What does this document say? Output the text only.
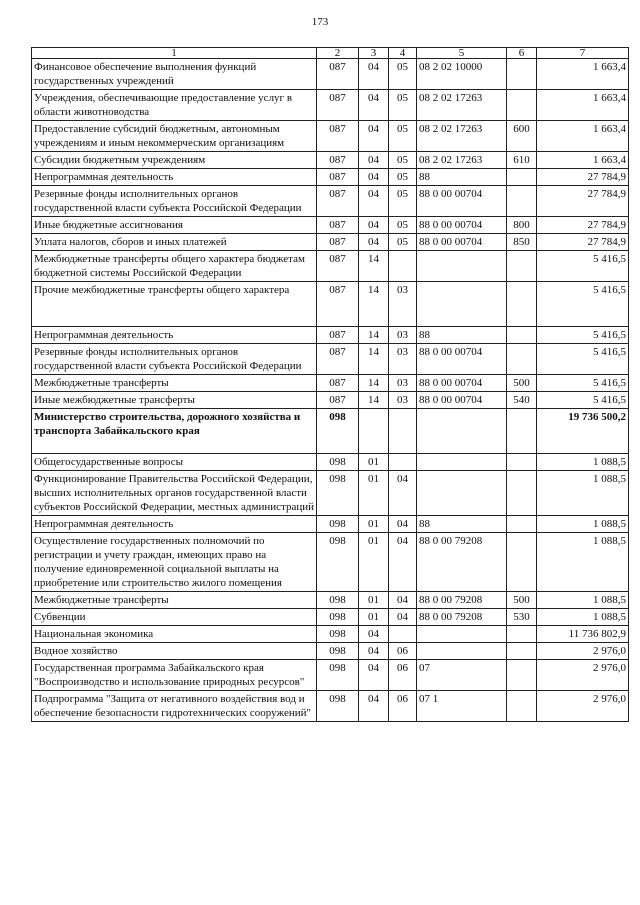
173
1	2	3	4	5	6	7
Финансовое обеспечение выполнения функций государственных учреждений	087	04	05	08 2 02 10000		1 663,4
Учреждения, обеспечивающие предоставление услуг в области животноводства	087	04	05	08 2 02 17263		1 663,4
Предоставление субсидий бюджетным, автономным учреждениям и иным некоммерческим организациям	087	04	05	08 2 02 17263	600	1 663,4
Субсидии бюджетным учреждениям	087	04	05	08 2 02 17263	610	1 663,4
Непрограммная деятельность	087	04	05	88		27 784,9
Резервные фонды исполнительных органов государственной власти субъекта Российской Федерации	087	04	05	88 0 00 00704		27 784,9
Иные бюджетные ассигнования	087	04	05	88 0 00 00704	800	27 784,9
Уплата налогов, сборов и иных платежей	087	04	05	88 0 00 00704	850	27 784,9
Межбюджетные трансферты общего характера бюджетам бюджетной системы Российской Федерации	087	14				5 416,5
Прочие межбюджетные трансферты общего характера	087	14	03			5 416,5
Непрограммная деятельность	087	14	03	88		5 416,5
Резервные фонды исполнительных органов государственной власти субъекта Российской Федерации	087	14	03	88 0 00 00704		5 416,5
Межбюджетные трансферты	087	14	03	88 0 00 00704	500	5 416,5
Иные межбюджетные трансферты	087	14	03	88 0 00 00704	540	5 416,5
Министерство строительства, дорожного хозяйства и транспорта Забайкальского края	098					19 736 500,2
Общегосударственные вопросы	098	01				1 088,5
Функционирование Правительства Российской Федерации, высших исполнительных органов государственной власти субъектов Российской Федерации, местных администраций	098	01	04			1 088,5
Непрограммная деятельность	098	01	04	88		1 088,5
Осуществление государственных полномочий по регистрации и учету граждан, имеющих право на получение единовременной социальной выплаты на приобретение или строительство жилого помещения	098	01	04	88 0 00 79208		1 088,5
Межбюджетные трансферты	098	01	04	88 0 00 79208	500	1 088,5
Субвенции	098	01	04	88 0 00 79208	530	1 088,5
Национальная экономика	098	04				11 736 802,9
Водное хозяйство	098	04	06			2 976,0
Государственная программа Забайкальского края "Воспроизводство и использование природных ресурсов"	098	04	06	07		2 976,0
Подпрограмма "Защита от негативного воздействия вод и обеспечение безопасности гидротехнических сооружений"	098	04	06	07 1		2 976,0
